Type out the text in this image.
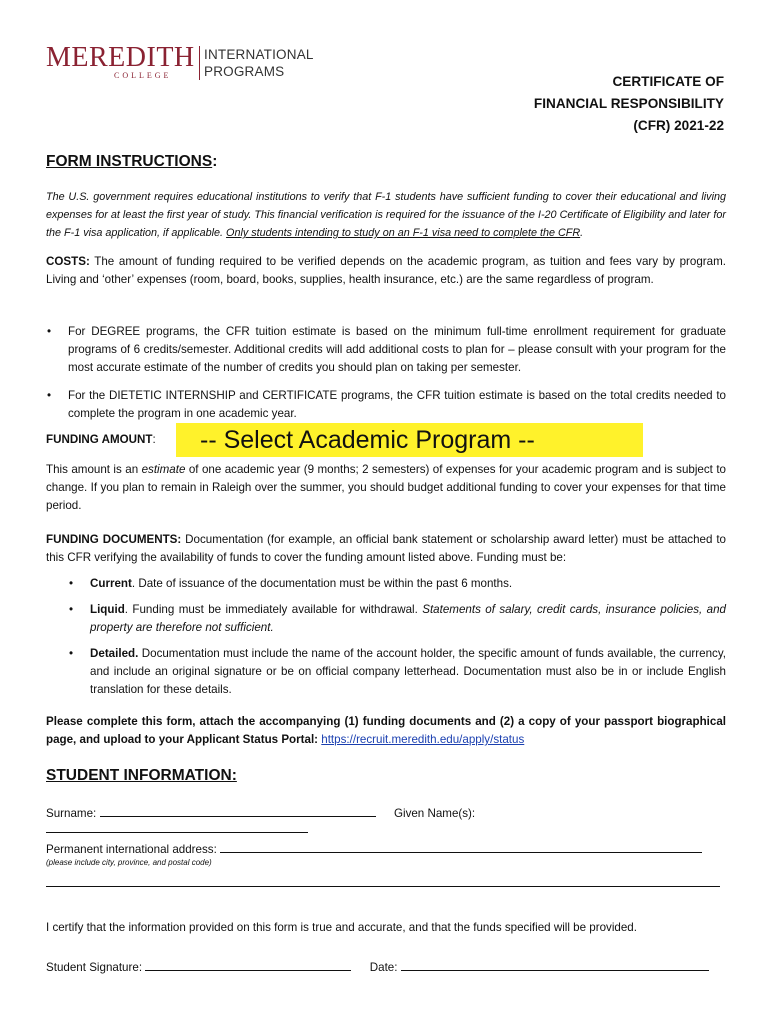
MEREDITH
COLLEGE
INTERNATIONAL
PROGRAMS
CERTIFICATE OF
FINANCIAL RESPONSIBILITY
(CFR) 2021-22
FORM INSTRUCTIONS:
The U.S. government requires educational institutions to verify that F-1 students have sufficient funding to cover their educational and living expenses for at least the first year of study. This financial verification is required for the issuance of the I-20 Certificate of Eligibility and later for the F-1 visa application, if applicable. Only students intending to study on an F-1 visa need to complete the CFR.
COSTS: The amount of funding required to be verified depends on the academic program, as tuition and fees vary by program. Living and ‘other’ expenses (room, board, books, supplies, health insurance, etc.) are the same regardless of program.
• For DEGREE programs, the CFR tuition estimate is based on the minimum full-time enrollment requirement for graduate programs of 6 credits/semester. Additional credits will add additional costs to plan for – please consult with your program for the most accurate estimate of the number of credits you should plan on taking per semester.
• For the DIETETIC INTERNSHIP and CERTIFICATE programs, the CFR tuition estimate is based on the total credits needed to complete the program in one academic year.
FUNDING AMOUNT:	-- Select Academic Program --
This amount is an estimate of one academic year (9 months; 2 semesters) of expenses for your academic program and is subject to change. If you plan to remain in Raleigh over the summer, you should budget additional funding to cover your expenses for that time period.
FUNDING DOCUMENTS: Documentation (for example, an official bank statement or scholarship award letter) must be attached to this CFR verifying the availability of funds to cover the funding amount listed above. Funding must be:
• Current. Date of issuance of the documentation must be within the past 6 months.
• Liquid. Funding must be immediately available for withdrawal. Statements of salary, credit cards, insurance policies, and property are therefore not sufficient.
• Detailed. Documentation must include the name of the account holder, the specific amount of funds available, the currency, and include an original signature or be on official company letterhead. Documentation must also be in or include English translation for these details.
Please complete this form, attach the accompanying (1) funding documents and (2) a copy of your passport biographical page, and upload to your Applicant Status Portal: https://recruit.meredith.edu/apply/status
STUDENT INFORMATION:
Surname:	Given Name(s):
Permanent international address:
(please include city, province, and postal code)
I certify that the information provided on this form is true and accurate, and that the funds specified will be provided.
Student Signature:	Date:
